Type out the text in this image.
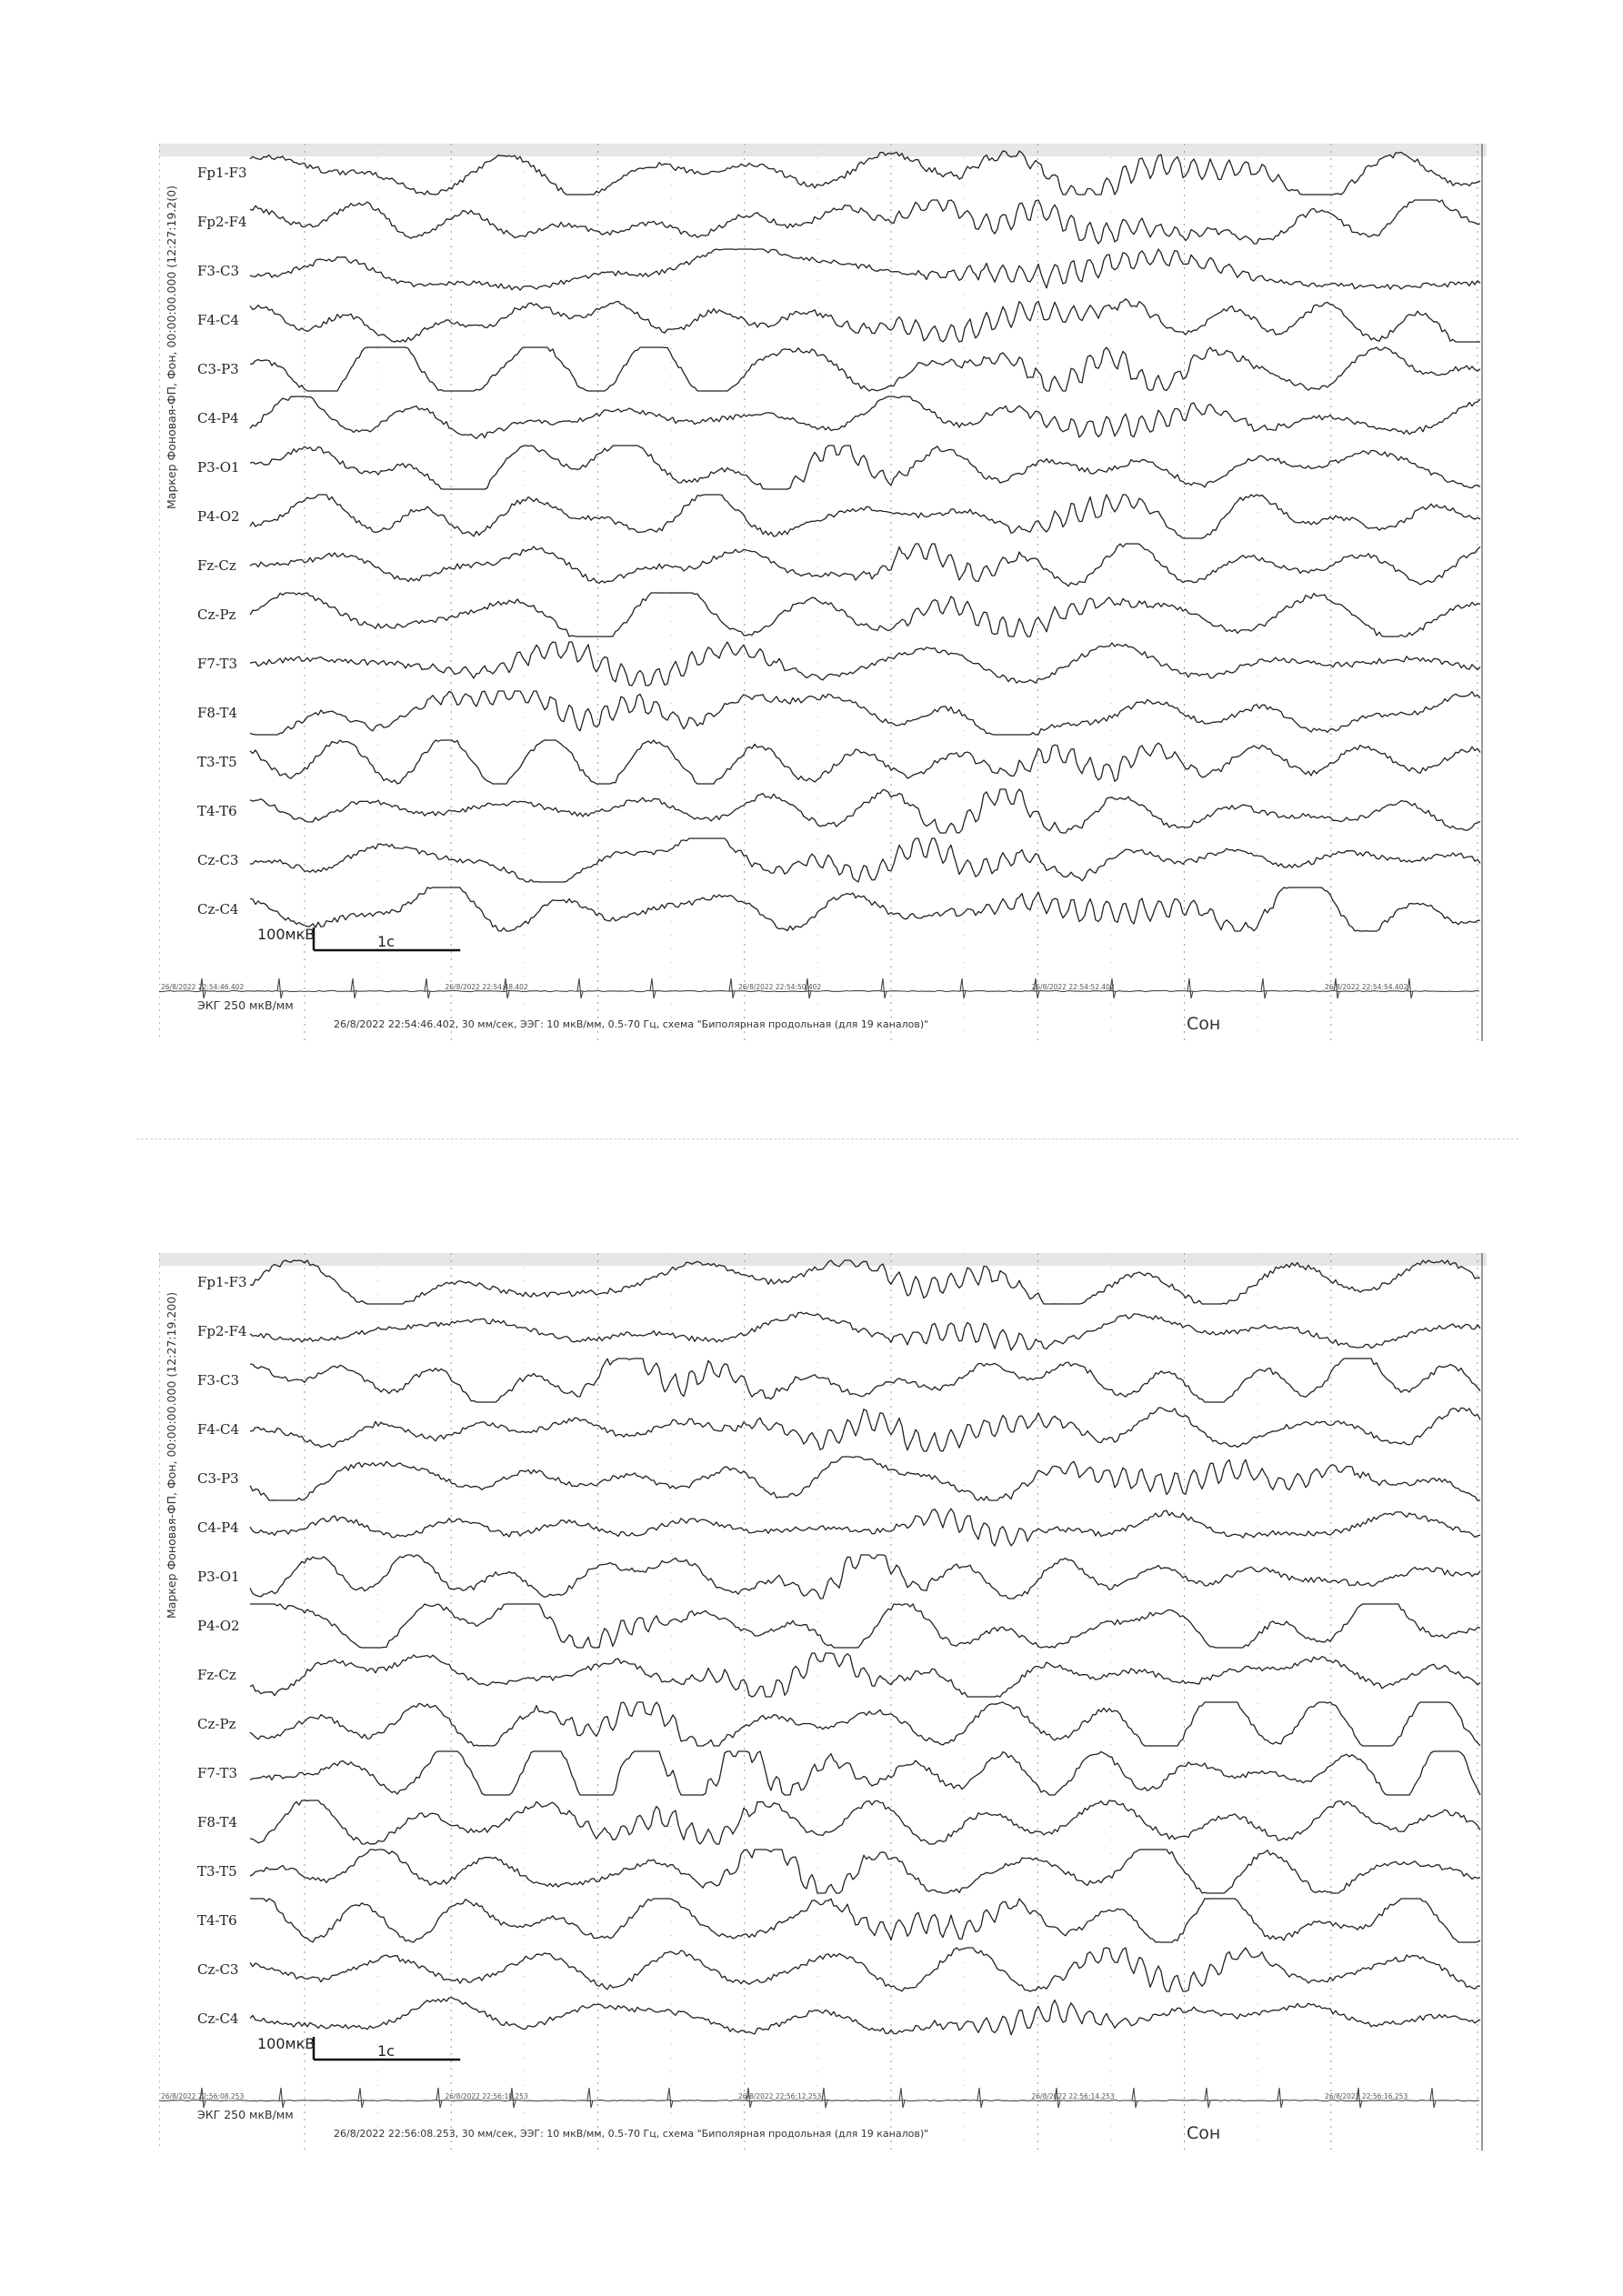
Маркер Фоновая-ФП, Фон, 00:00:00.000 (12:27:19.2(0)
Fp1-F3
Fp2-F4
F3-C3
F4-C4
C3-P3
C4-P4
P3-O1
P4-O2
Fz-Cz
Cz-Pz
F7-T3
F8-T4
T3-T5
T4-T6
Cz-C3
Cz-C4
100мкВ	1с
26/8/2022 22:54:46.402	26/8/2022 22:54:48.402	26/8/2022 22:54:50.402	26/8/2022 22:54:52.402	26/8/2022 22:54:54.402
ЭКГ 250 мкВ/мм
Сон
26/8/2022 22:54:46.402, 30 мм/сек, ЭЭГ: 10 мкВ/мм, 0.5-70 Гц, схема "Биполярная продольная (для 19 каналов)"
Маркер Фоновая-ФП, Фон, 00:00:00.000 (12:27:19.200)
Fp1-F3
Fp2-F4
F3-C3
F4-C4
C3-P3
C4-P4
P3-O1
P4-O2
Fz-Cz
Cz-Pz
F7-T3
F8-T4
T3-T5
T4-T6
Cz-C3
Cz-C4
100мкВ	1с
26/8/2022 22:56:08.253	26/8/2022 22:56:10.253	26/8/2022 22:56:12.253	26/8/2022 22:56:14.253	26/8/2022 22:56:16.253
ЭКГ 250 мкВ/мм
Сон
26/8/2022 22:56:08.253, 30 мм/сек, ЭЭГ: 10 мкВ/мм, 0.5-70 Гц, схема "Биполярная продольная (для 19 каналов)"
